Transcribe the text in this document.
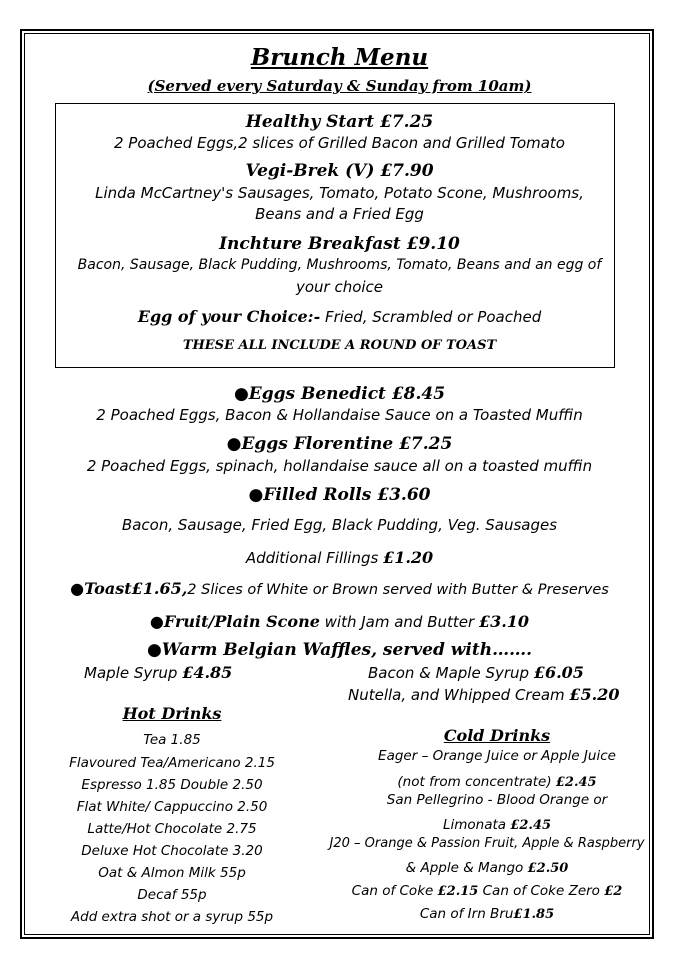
Brunch Menu
(Served every Saturday & Sunday from 10am)
Healthy Start £7.25
2 Poached Eggs,2 slices of Grilled Bacon and Grilled Tomato
Vegi-Brek (V) £7.90
Linda McCartney's Sausages, Tomato, Potato Scone, Mushrooms,
Beans and a Fried Egg
Inchture Breakfast £9.10
Bacon, Sausage, Black Pudding, Mushrooms, Tomato, Beans and an egg of
your choice
Egg of your Choice:- Fried, Scrambled or Poached
THESE ALL INCLUDE A ROUND OF TOAST
●Eggs Benedict £8.45
2 Poached Eggs, Bacon & Hollandaise Sauce on a Toasted Muffin
●Eggs Florentine £7.25
2 Poached Eggs, spinach, hollandaise sauce all on a toasted muffin
●Filled Rolls £3.60
Bacon, Sausage, Fried Egg, Black Pudding, Veg. Sausages
Additional Fillings £1.20
●Toast£1.65,2 Slices of White or Brown served with Butter & Preserves
●Fruit/Plain Scone with Jam and Butter £3.10
●Warm Belgian Waffles, served with…….
Maple Syrup £4.85	Bacon & Maple Syrup £6.05
Nutella, and Whipped Cream £5.20
Hot Drinks
Tea 1.85
Flavoured Tea/Americano 2.15
Espresso 1.85 Double 2.50
Flat White/ Cappuccino 2.50
Latte/Hot Chocolate 2.75
Deluxe Hot Chocolate 3.20
Oat & Almon Milk 55p
Decaf 55p
Add extra shot or a syrup 55p
Cold Drinks
Eager – Orange Juice or Apple Juice
(not from concentrate) £2.45
San Pellegrino - Blood Orange or
Limonata £2.45
J20 – Orange & Passion Fruit, Apple & Raspberry
& Apple & Mango £2.50
Can of Coke £2.15 Can of Coke Zero £2
Can of Irn Bru£1.85
